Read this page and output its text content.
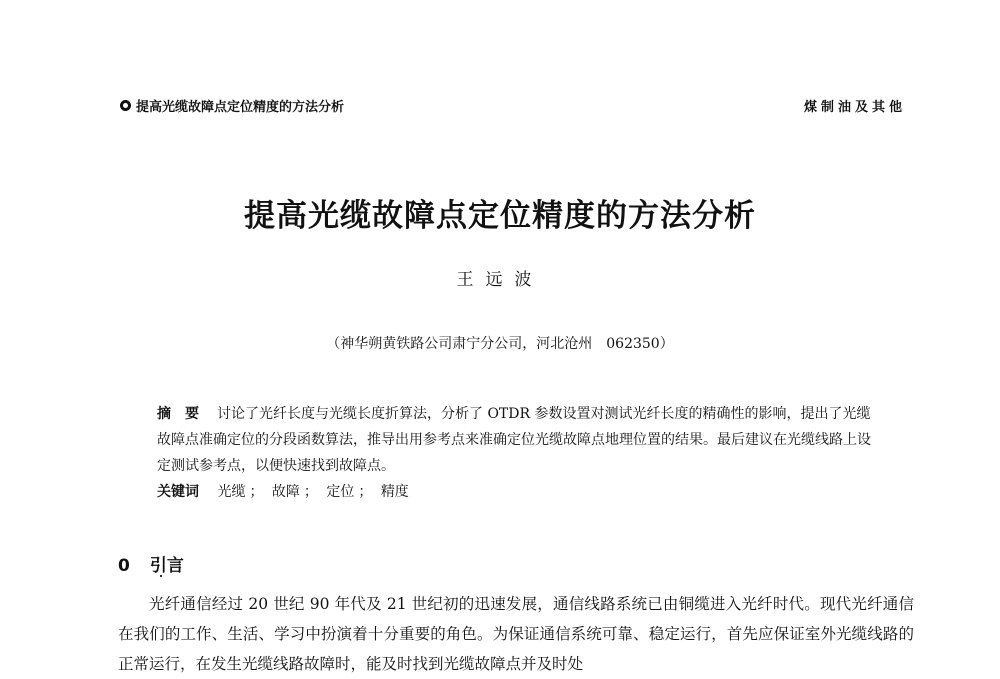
提高光缆故障点定位精度的方法分析	煤制油及其他
提高光缆故障点定位精度的方法分析
王远波
（神华朔黄铁路公司肃宁分公司，河北沧州　062350）
摘要 讨论了光纤长度与光缆长度折算法，分析了 OTDR 参数设置对测试光纤长度的精确性的影响，提出了光缆故障点准确定位的分段函数算法，推导出用参考点来准确定位光缆故障点地理位置的结果。最后建议在光缆线路上设定测试参考点，以便快速找到故障点。
关键词 光缆 ； 故障 ； 定位 ； 精度
0 引言
光纤通信经过 20 世纪 90 年代及 21 世纪初的迅速发展，通信线路系统已由铜缆进入光纤时代。现代光纤通信在我们的工作、生活、学习中扮演着十分重要的角色。为保证通信系统可靠、稳定运行，首先应保证室外光缆线路的正常运行，在发生光缆线路故障时，能及时找到光缆故障点并及时处
